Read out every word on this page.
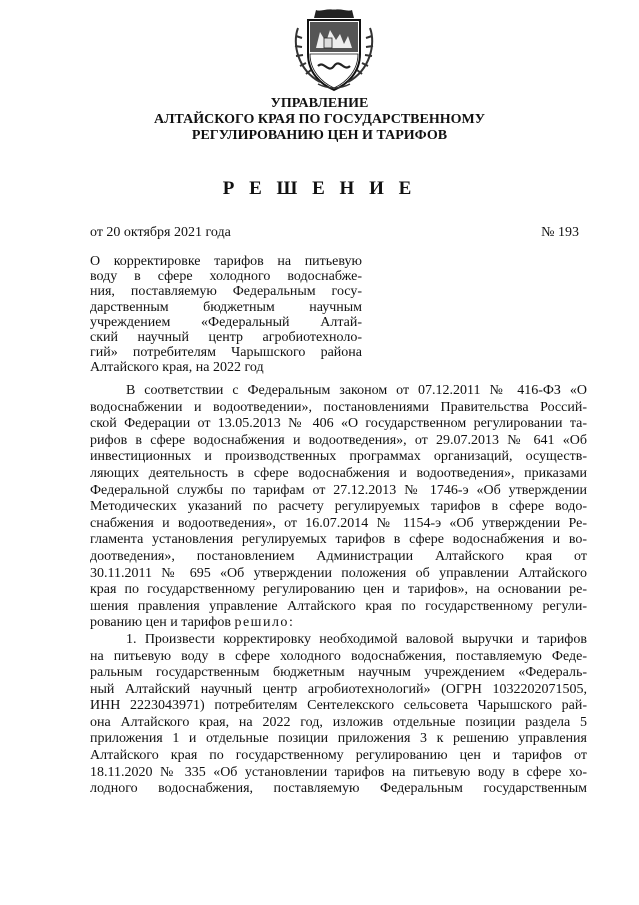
УПРАВЛЕНИЕ
АЛТАЙСКОГО КРАЯ ПО ГОСУДАРСТВЕННОМУ
РЕГУЛИРОВАНИЮ ЦЕН И ТАРИФОВ
Р Е Ш Е Н И Е
от 20 октября 2021 года	№ 193
О корректировке тарифов на питьевую
воду в сфере холодного водоснабже-
ния, поставляемую Федеральным госу-
дарственным бюджетным научным
учреждением «Федеральный Алтай-
ский научный центр агробиотехноло-
гий» потребителям Чарышского района
Алтайского края, на 2022 год
В соответствии с Федеральным законом от 07.12.2011 № 416-ФЗ «О
водоснабжении и водоотведении», постановлениями Правительства Россий-
ской Федерации от 13.05.2013 № 406 «О государственном регулировании та-
рифов в сфере водоснабжения и водоотведения», от 29.07.2013 № 641 «Об
инвестиционных и производственных программах организаций, осуществ-
ляющих деятельность в сфере водоснабжения и водоотведения», приказами
Федеральной службы по тарифам от 27.12.2013 № 1746-э «Об утверждении
Методических указаний по расчету регулируемых тарифов в сфере водо-
снабжения и водоотведения», от 16.07.2014 № 1154-э «Об утверждении Ре-
гламента установления регулируемых тарифов в сфере водоснабжения и во-
доотведения», постановлением Администрации Алтайского края от
30.11.2011 № 695 «Об утверждении положения об управлении Алтайского
края по государственному регулированию цен и тарифов», на основании ре-
шения правления управление Алтайского края по государственному регули-
рованию цен и тарифов решило:
1. Произвести корректировку необходимой валовой выручки и тарифов
на питьевую воду в сфере холодного водоснабжения, поставляемую Феде-
ральным государственным бюджетным научным учреждением «Федераль-
ный Алтайский научный центр агробиотехнологий» (ОГРН 1032202071505,
ИНН 2223043971) потребителям Сентелекского сельсовета Чарышского рай-
она Алтайского края, на 2022 год, изложив отдельные позиции раздела 5
приложения 1 и отдельные позиции приложения 3 к решению управления
Алтайского края по государственному регулированию цен и тарифов от
18.11.2020 № 335 «Об установлении тарифов на питьевую воду в сфере хо-
лодного водоснабжения, поставляемую Федеральным государственным
